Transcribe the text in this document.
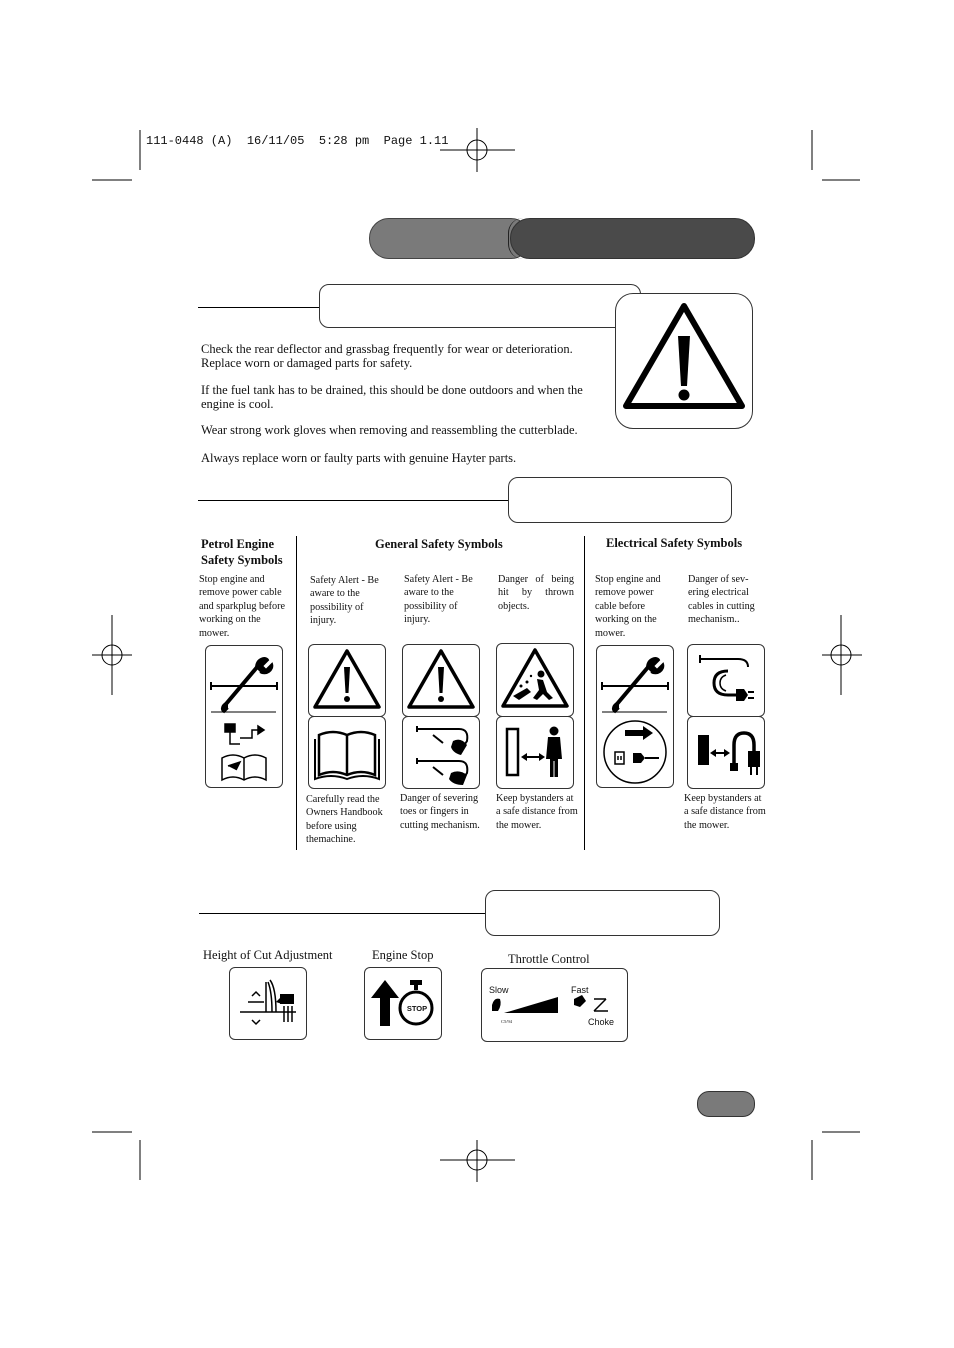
111-0448 (A)  16/11/05  5:28 pm  Page 1.11

Check the rear deflector and grassbag frequently for wear or deterioration. Replace worn or damaged parts for safety.

If the fuel tank has to be drained, this should be done outdoors and when the engine is cool.

Wear strong work gloves when removing and reassembling the cutterblade.

Always replace worn or faulty parts with genuine Hayter parts.

Petrol Engine Safety Symbols

General Safety Symbols	Electrical Safety Symbols

Stop engine and remove power cable and sparkplug before working on the mower.

Safety Alert - Be aware to the possibility of injury.

Safety Alert - Be aware to the possibility of injury.

Danger of being hit by thrown objects.

Stop engine and remove power cable before working on the mower.

Danger of sev-ering electrical cables in cutting mechanism..

Carefully read the Owners Handbook before using themachine.

Danger of severing toes or fingers in cutting mechanism.

Keep bystanders at a safe distance from the mower.

Keep bystanders at a safe distance from the mower.

Height of Cut Adjustment	Engine Stop	Throttle Control

STOP
Slow	Fast
Choke
C5/94
